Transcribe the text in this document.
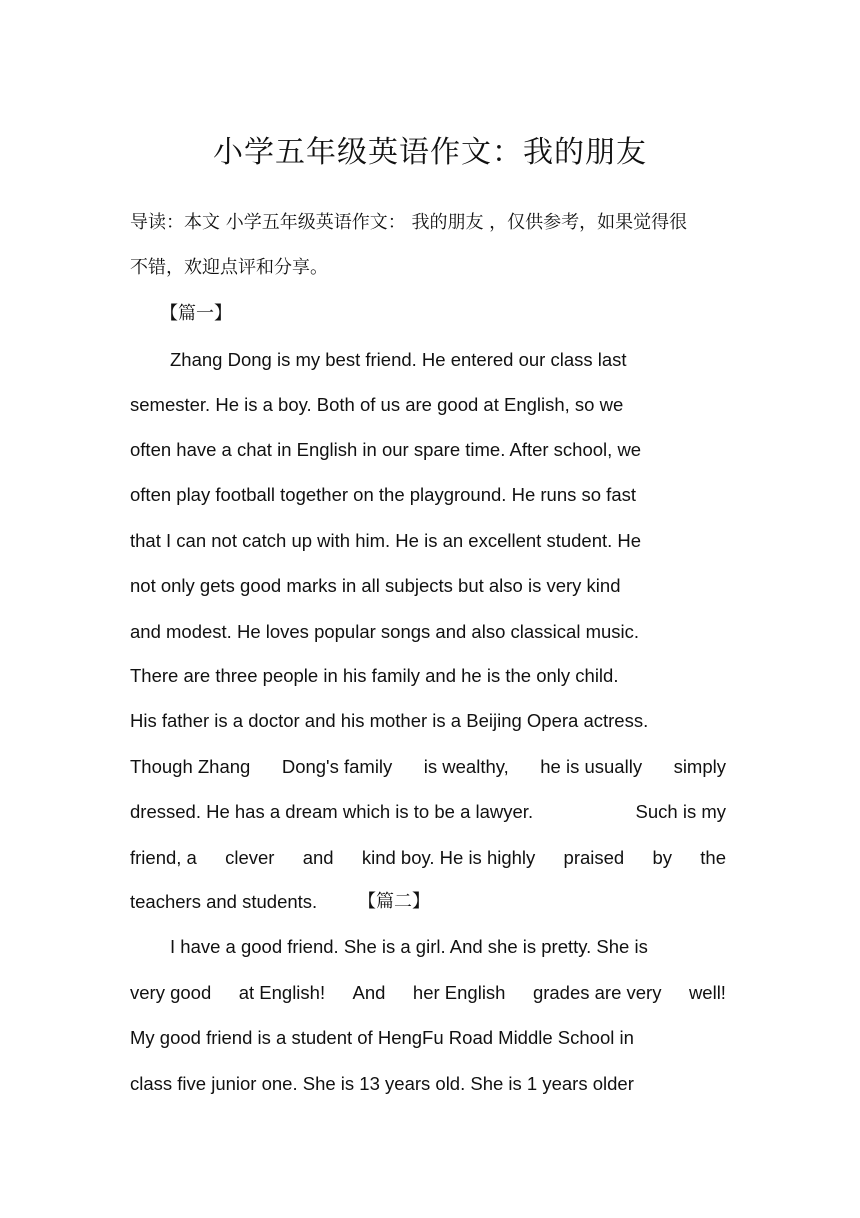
小学五年级英语作文：我的朋友
导读：本文 小学五年级英语作文： 我的朋友 ，仅供参考，如果觉得很
不错，欢迎点评和分享。
【篇一】
Zhang Dong is my best friend. He entered our class last
semester. He is a boy. Both of us are good at English, so we
often have a chat in English in our spare time. After school, we
often play football together on the playground. He runs so fast
that I can not catch up with him. He is an excellent student. He
not only gets good marks in all subjects but also is very kind
and modest. He loves popular songs and also classical music.
There are three people in his family and he is the only child.
His father is a doctor and his mother is a Beijing Opera actress.
Though Zhang Dong's family is wealthy, he is usually simply
dressed. He has a dream which is to be a lawyer.	Such is my
friend, a clever and kind boy. He is highly praised by the
teachers and students. 【篇二】
I have a good friend. She is a girl. And she is pretty. She is
very good at English! And her English grades are very well!
My good friend is a student of HengFu Road Middle School in
class five junior one. She is 13 years old. She is 1 years older
